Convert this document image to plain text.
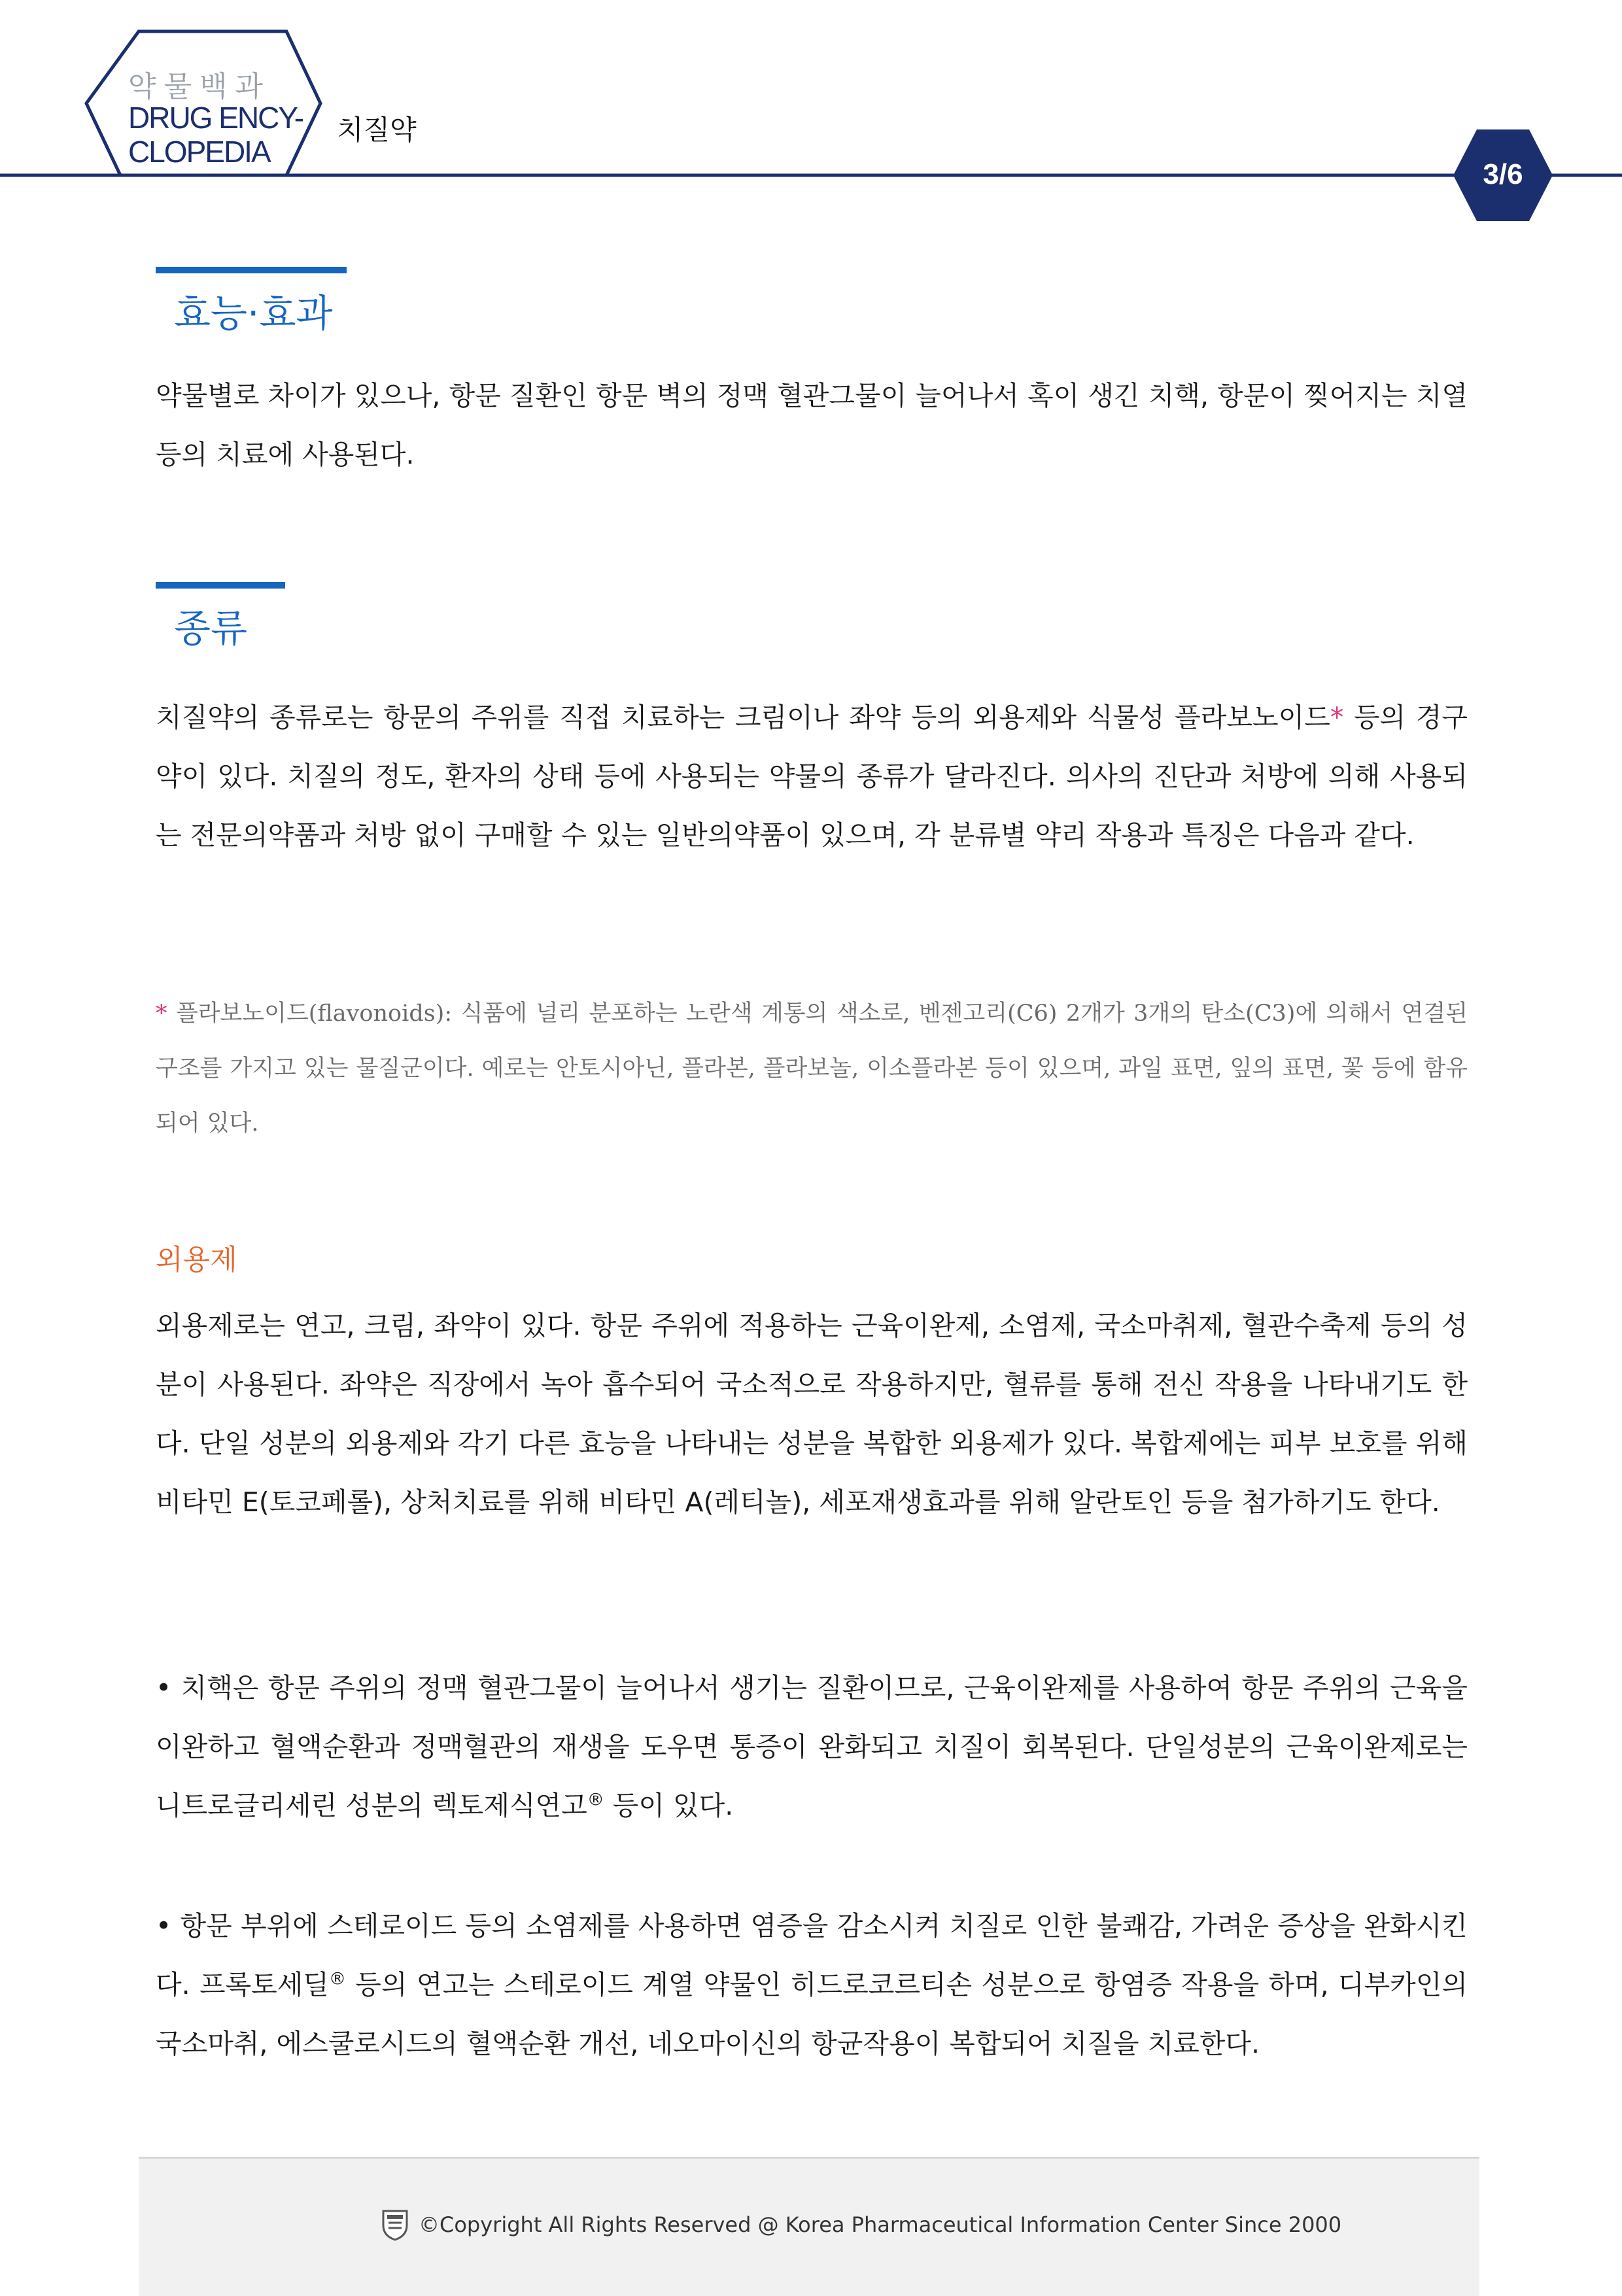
약물백과
DRUG ENCY-
CLOPEDIA
치질약
3/6
효능·효과

약물별로 차이가 있으나, 항문 질환인 항문 벽의 정맥 혈관그물이 늘어나서 혹이 생긴 치핵, 항문이 찢어지는 치열 등의 치료에 사용된다.

종류

치질약의 종류로는 항문의 주위를 직접 치료하는 크림이나 좌약 등의 외용제와 식물성 플라보노이드* 등의 경구약이 있다. 치질의 정도, 환자의 상태 등에 사용되는 약물의 종류가 달라진다. 의사의 진단과 처방에 의해 사용되는 전문의약품과 처방 없이 구매할 수 있는 일반의약품이 있으며, 각 분류별 약리 작용과 특징은 다음과 같다.

* 플라보노이드(flavonoids): 식품에 널리 분포하는 노란색 계통의 색소로, 벤젠고리(C6) 2개가 3개의 탄소(C3)에 의해서 연결된 구조를 가지고 있는 물질군이다. 예로는 안토시아닌, 플라본, 플라보놀, 이소플라본 등이 있으며, 과일 표면, 잎의 표면, 꽃 등에 함유되어 있다.

외용제

외용제로는 연고, 크림, 좌약이 있다. 항문 주위에 적용하는 근육이완제, 소염제, 국소마취제, 혈관수축제 등의 성분이 사용된다. 좌약은 직장에서 녹아 흡수되어 국소적으로 작용하지만, 혈류를 통해 전신 작용을 나타내기도 한다. 단일 성분의 외용제와 각기 다른 효능을 나타내는 성분을 복합한 외용제가 있다. 복합제에는 피부 보호를 위해 비타민 E(토코페롤), 상처치료를 위해 비타민 A(레티놀), 세포재생효과를 위해 알란토인 등을 첨가하기도 한다.

• 치핵은 항문 주위의 정맥 혈관그물이 늘어나서 생기는 질환이므로, 근육이완제를 사용하여 항문 주위의 근육을 이완하고 혈액순환과 정맥혈관의 재생을 도우면 통증이 완화되고 치질이 회복된다. 단일성분의 근육이완제로는 니트로글리세린 성분의 렉토제식연고® 등이 있다.

• 항문 부위에 스테로이드 등의 소염제를 사용하면 염증을 감소시켜 치질로 인한 불쾌감, 가려운 증상을 완화시킨다. 프록토세딜® 등의 연고는 스테로이드 계열 약물인 히드로코르티손 성분으로 항염증 작용을 하며, 디부카인의 국소마취, 에스쿨로시드의 혈액순환 개선, 네오마이신의 항균작용이 복합되어 치질을 치료한다.

©Copyright All Rights Reserved @ Korea Pharmaceutical Information Center Since 2000
